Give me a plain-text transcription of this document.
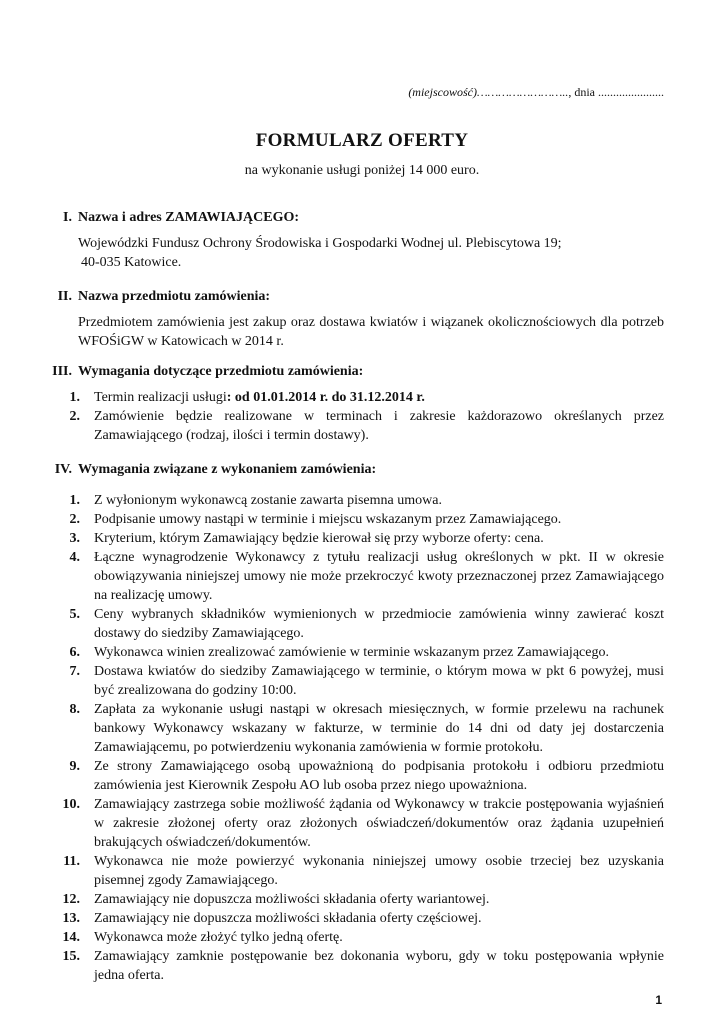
(miejscowość)…………………….., dnia ......................
FORMULARZ OFERTY
na wykonanie usługi poniżej 14 000 euro.
I. Nazwa i adres ZAMAWIAJĄCEGO:
Wojewódzki Fundusz Ochrony Środowiska i Gospodarki Wodnej ul. Plebiscytowa 19;
40-035 Katowice.
II. Nazwa przedmiotu zamówienia:
Przedmiotem zamówienia jest zakup oraz dostawa kwiatów i wiązanek okolicznościowych dla potrzeb WFOŚiGW w Katowicach w 2014 r.
III. Wymagania dotyczące przedmiotu zamówienia:
1.	Termin realizacji usługi: od 01.01.2014 r. do 31.12.2014 r.
2.	Zamówienie będzie realizowane w terminach i zakresie każdorazowo określanych przez Zamawiającego (rodzaj, ilości i termin dostawy).
IV. Wymagania związane z wykonaniem zamówienia:
1.	Z wyłonionym wykonawcą zostanie zawarta pisemna umowa.
2.	Podpisanie umowy nastąpi w terminie i miejscu wskazanym przez Zamawiającego.
3.	Kryterium, którym Zamawiający będzie kierował się przy wyborze oferty: cena.
4.	Łączne wynagrodzenie Wykonawcy z tytułu realizacji usług określonych w pkt. II w okresie obowiązywania niniejszej umowy nie może przekroczyć kwoty przeznaczonej przez Zamawiającego na realizację umowy.
5.	Ceny wybranych składników wymienionych w przedmiocie zamówienia winny zawierać koszt dostawy do siedziby Zamawiającego.
6.	Wykonawca winien zrealizować zamówienie w terminie wskazanym przez Zamawiającego.
7.	Dostawa kwiatów do siedziby Zamawiającego w terminie, o którym mowa w pkt 6 powyżej, musi być zrealizowana do godziny 10:00.
8.	Zapłata za wykonanie usługi nastąpi w okresach miesięcznych, w formie przelewu na rachunek bankowy Wykonawcy wskazany w fakturze, w terminie do 14 dni od daty jej dostarczenia Zamawiającemu, po potwierdzeniu wykonania zamówienia w formie protokołu.
9.	Ze strony Zamawiającego osobą upoważnioną do podpisania protokołu i odbioru przedmiotu zamówienia jest Kierownik Zespołu AO lub osoba przez niego upoważniona.
10.	Zamawiający zastrzega sobie możliwość żądania od Wykonawcy w trakcie postępowania wyjaśnień w zakresie złożonej oferty oraz złożonych oświadczeń/dokumentów oraz żądania uzupełnień brakujących oświadczeń/dokumentów.
11.	Wykonawca nie może powierzyć wykonania niniejszej umowy osobie trzeciej bez uzyskania pisemnej zgody Zamawiającego.
12.	Zamawiający nie dopuszcza możliwości składania oferty wariantowej.
13.	Zamawiający nie dopuszcza możliwości składania oferty częściowej.
14.	Wykonawca może złożyć tylko jedną ofertę.
15.	Zamawiający zamknie postępowanie bez dokonania wyboru, gdy w toku postępowania wpłynie jedna oferta.
1
